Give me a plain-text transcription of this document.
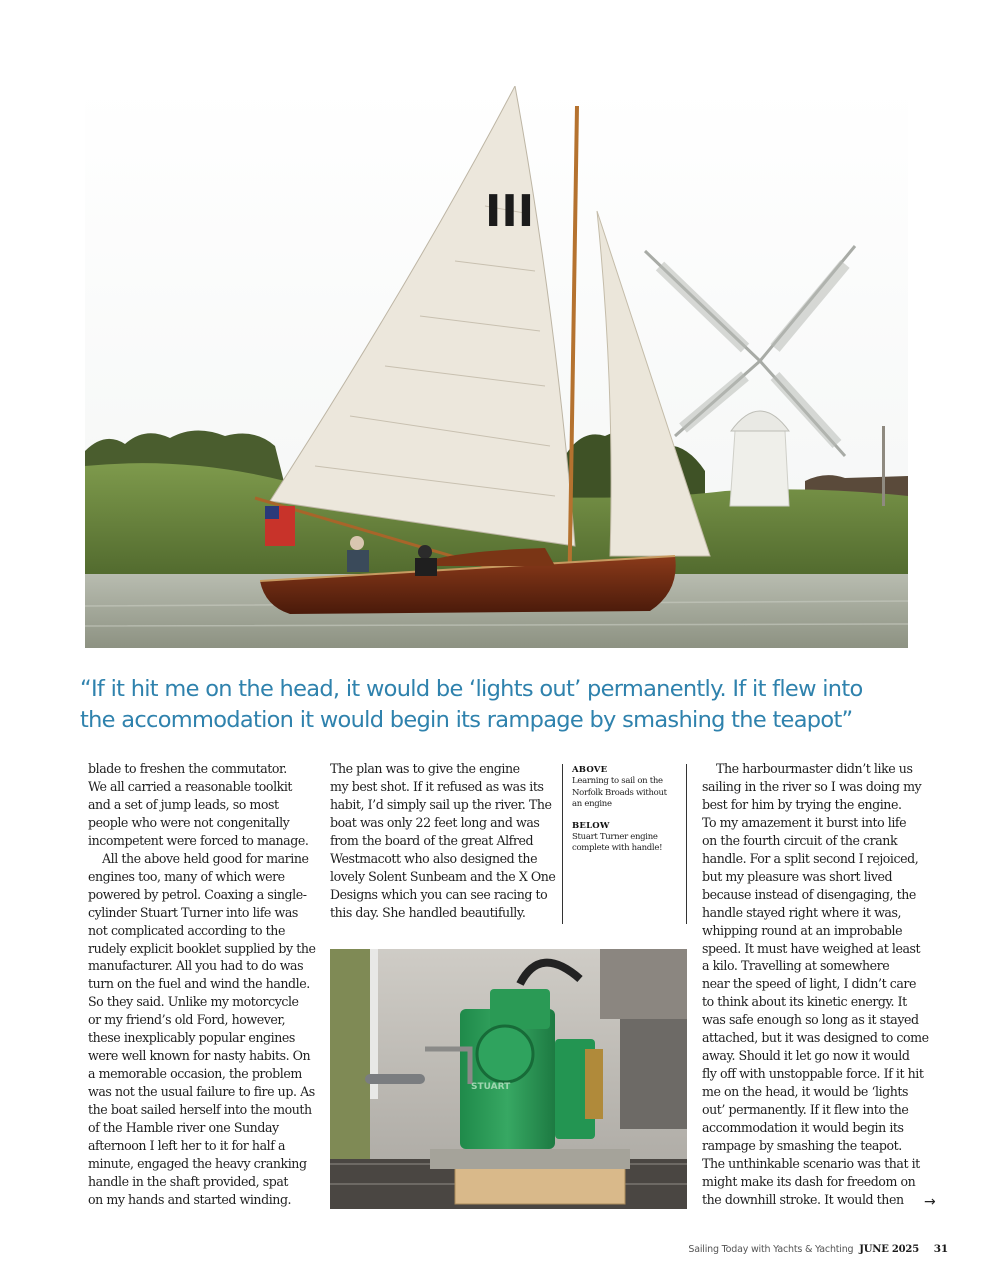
III

“If it hit me on the head, it would be ‘lights out’ permanently. If it flew into

the accommodation it would begin its rampage by smashing the teapot”

blade to freshen the commutator.

We all carried a reasonable toolkit

and a set of jump leads, so most

people who were not congenitally

incompetent were forced to manage.

All the above held good for marine

engines too, many of which were

powered by petrol. Coaxing a single-

cylinder Stuart Turner into life was

not complicated according to the

rudely explicit booklet supplied by the

manufacturer. All you had to do was

turn on the fuel and wind the handle.

So they said. Unlike my motorcycle

or my friend’s old Ford, however,

these inexplicably popular engines

were well known for nasty habits. On

a memorable occasion, the problem

was not the usual failure to fire up. As

the boat sailed herself into the mouth

of the Hamble river one Sunday

afternoon I left her to it for half a

minute, engaged the heavy cranking

handle in the shaft provided, spat

on my hands and started winding.

The plan was to give the engine

my best shot. If it refused as was its

habit, I’d simply sail up the river. The

boat was only 22 feet long and was

from the board of the great Alfred

Westmacott who also designed the

lovely Solent Sunbeam and the X One

Designs which you can see racing to

this day. She handled beautifully.

ABOVE

Learning to sail on the

Norfolk Broads without

an engine

BELOW

Stuart Turner engine

complete with handle!

STUART

The harbourmaster didn’t like us

sailing in the river so I was doing my

best for him by trying the engine.

To my amazement it burst into life

on the fourth circuit of the crank

handle. For a split second I rejoiced,

but my pleasure was short lived

because instead of disengaging, the

handle stayed right where it was,

whipping round at an improbable

speed. It must have weighed at least

a kilo. Travelling at somewhere

near the speed of light, I didn’t care

to think about its kinetic energy. It

was safe enough so long as it stayed

attached, but it was designed to come

away. Should it let go now it would

fly off with unstoppable force. If it hit

me on the head, it would be ‘lights

out’ permanently. If it flew into the

accommodation it would begin its

rampage by smashing the teapot.

The unthinkable scenario was that it

might make its dash for freedom on

the downhill stroke. It would then	→
Sailing Today with Yachts & Yachting JUNE 2025 31
